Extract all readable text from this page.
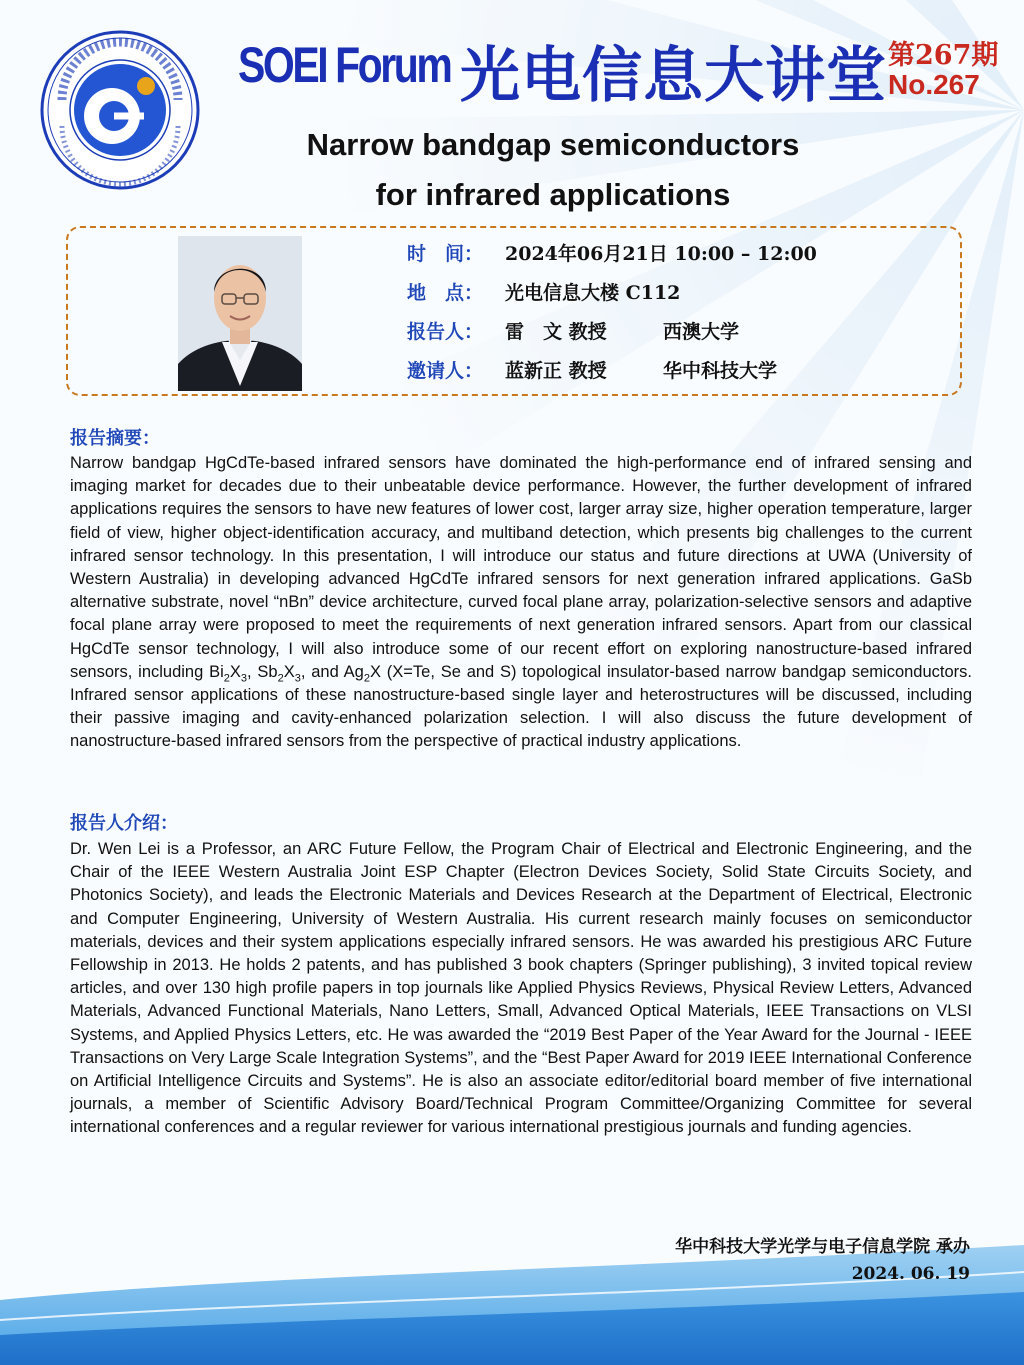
SOEI Forum 光电信息大讲堂 第267期
No.267
Narrow bandgap semiconductors
for infrared applications
时　间： 2024年06月21日 10:00 – 12:00
地　点： 光电信息大楼 C112
报告人： 雷　文 教授	西澳大学
邀请人： 蓝新正 教授	华中科技大学
报告摘要：

Narrow bandgap HgCdTe-based infrared sensors have dominated the high-performance end of infrared sensing and imaging market for decades due to their unbeatable device performance. However, the further development of infrared applications requires the sensors to have new features of lower cost, larger array size, higher operation temperature, larger field of view, higher object-identification accuracy, and multiband detection, which presents big challenges to the current infrared sensor technology. In this presentation, I will introduce our status and future directions at UWA (University of Western Australia) in developing advanced HgCdTe infrared sensors for next generation infrared applications. GaSb alternative substrate, novel “nBn” device architecture, curved focal plane array, polarization-selective sensors and adaptive focal plane array were proposed to meet the requirements of next generation infrared sensors. Apart from our classical HgCdTe sensor technology, I will also introduce some of our recent effort on exploring nanostructure-based infrared sensors, including $Bi_2X_3$, $Sb_2X_3$, and $Ag_2X$ (X=Te, Se and S) topological insulator-based narrow bandgap semiconductors. Infrared sensor applications of these nanostructure-based single layer and heterostructures will be discussed, including their passive imaging and cavity-enhanced polarization selection. I will also discuss the future development of nanostructure-based infrared sensors from the perspective of practical industry applications.

报告人介绍：

Dr. Wen Lei is a Professor, an ARC Future Fellow, the Program Chair of Electrical and Electronic Engineering, and the Chair of the IEEE Western Australia Joint ESP Chapter (Electron Devices Society, Solid State Circuits Society, and Photonics Society), and leads the Electronic Materials and Devices Research at the Department of Electrical, Electronic and Computer Engineering, University of Western Australia. His current research mainly focuses on semiconductor materials, devices and their system applications especially infrared sensors. He was awarded his prestigious ARC Future Fellowship in 2013. He holds 2 patents, and has published 3 book chapters (Springer publishing), 3 invited topical review articles, and over 130 high profile papers in top journals like Applied Physics Reviews, Physical Review Letters, Advanced Materials, Advanced Functional Materials, Nano Letters, Small, Advanced Optical Materials, IEEE Transactions on VLSI Systems, and Applied Physics Letters, etc. He was awarded the “2019 Best Paper of the Year Award for the Journal - IEEE Transactions on Very Large Scale Integration Systems”, and the “Best Paper Award for 2019 IEEE International Conference on Artificial Intelligence Circuits and Systems”. He is also an associate editor/editorial board member of five international journals, a member of Scientific Advisory Board/Technical Program Committee/Organizing Committee for several international conferences and a regular reviewer for various international prestigious journals and funding agencies.

华中科技大学光学与电子信息学院 承办
2024. 06. 19
